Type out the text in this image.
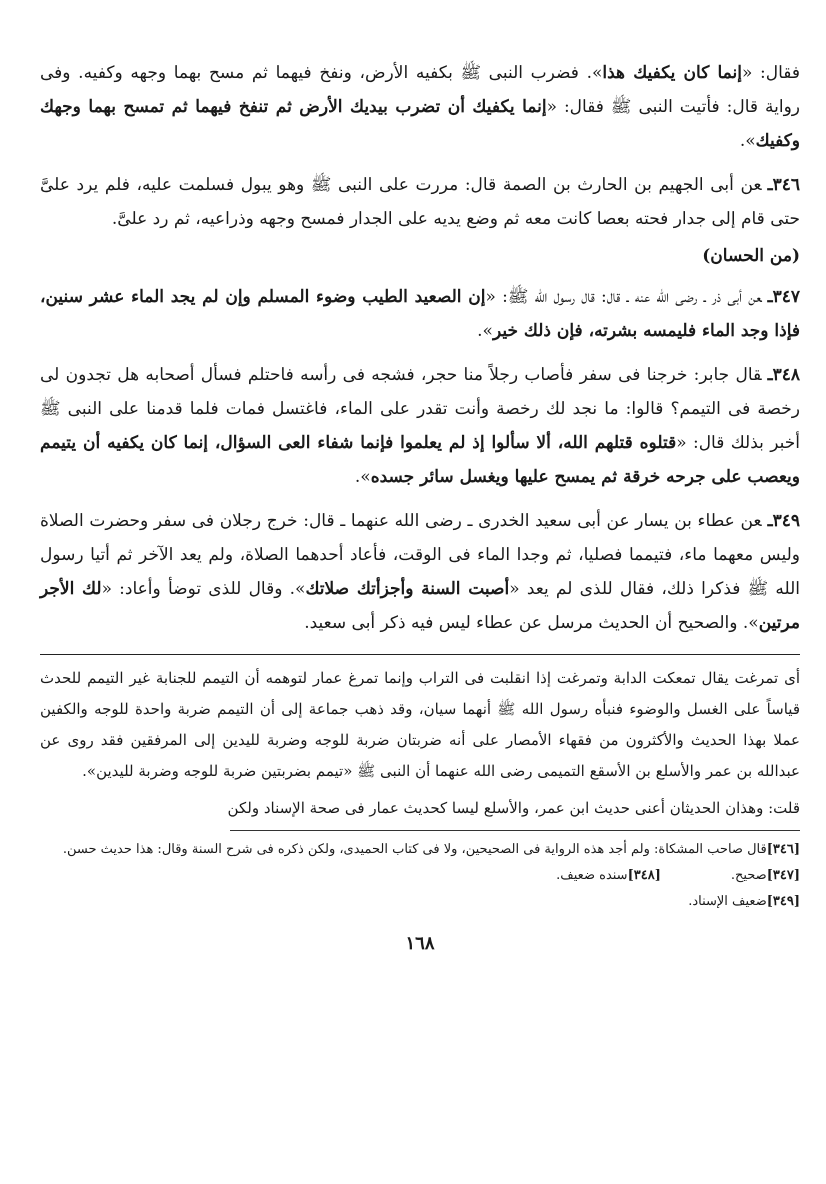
فقال: «إنما كان يكفيك هذا». فضرب النبى ﷺ بكفيه الأرض، ونفخ فيهما ثم مسح بهما وجهه وكفيه. وفى رواية قال: فأتيت النبى ﷺ فقال: «إنما يكفيك أن تضرب بيديك الأرض ثم تنفخ فيهما ثم تمسح بهما وجهك وكفيك».

٣٤٦ـعن أبى الجهيم بن الحارث بن الصمة قال: مررت على النبى ﷺ وهو يبول فسلمت عليه، فلم يرد علىَّ حتى قام إلى جدار فحته بعصا كانت معه ثم وضع يديه على الجدار فمسح وجهه وذراعيه، ثم رد علىَّ.

(من الحسان)

٣٤٧ـعن أبى ذر ـ رضى الله عنه ـ قال: قال رسول الله ﷺ: «إن الصعيد الطيب وضوء المسلم وإن لم يجد الماء عشر سنين، فإذا وجد الماء فليمسه بشرته، فإن ذلك خير».

٣٤٨ـقال جابر: خرجنا فى سفر فأصاب رجلاً منا حجر، فشجه فى رأسه فاحتلم فسأل أصحابه هل تجدون لى رخصة فى التيمم؟ قالوا: ما نجد لك رخصة وأنت تقدر على الماء، فاغتسل فمات فلما قدمنا على النبى ﷺ أخبر بذلك قال: «قتلوه قتلهم الله، ألا سألوا إذ لم يعلموا فإنما شفاء العى السؤال، إنما كان يكفيه أن يتيمم ويعصب على جرحه خرقة ثم يمسح عليها ويغسل سائر جسده».

٣٤٩ـعن عطاء بن يسار عن أبى سعيد الخدرى ـ رضى الله عنهما ـ قال: خرج رجلان فى سفر وحضرت الصلاة وليس معهما ماء، فتيمما فصليا، ثم وجدا الماء فى الوقت، فأعاد أحدهما الصلاة، ولم يعد الآخر ثم أتيا رسول الله ﷺ فذكرا ذلك، فقال للذى لم يعد «أصبت السنة وأجزأتك صلاتك». وقال للذى توضأ وأعاد: «لك الأجر مرتين». والصحيح أن الحديث مرسل عن عطاء ليس فيه ذكر أبى سعيد.

أى تمرغت يقال تمعكت الدابة وتمرغت إذا انقلبت فى التراب وإنما تمرغ عمار لتوهمه أن التيمم للجنابة غير التيمم للحدث قياساً على الغسل والوضوء فنبأه رسول الله ﷺ أنهما سيان، وقد ذهب جماعة إلى أن التيمم ضربة واحدة للوجه والكفين عملا بهذا الحديث والأكثرون من فقهاء الأمصار على أنه ضربتان ضربة للوجه وضربة لليدين إلى المرفقين فقد روى عن عبدالله بن عمر والأسلع بن الأسقع التميمى رضى الله عنهما أن النبى ﷺ «تيمم بضربتين ضربة للوجه وضربة لليدين».

قلت: وهذان الحديثان أعنى حديث ابن عمر، والأسلع ليسا كحديث عمار فى صحة الإسناد ولكن

[٣٤٦]قال صاحب المشكاة: ولم أجد هذه الرواية فى الصحيحين، ولا فى كتاب الحميدى، ولكن ذكره فى شرح السنة وقال: هذا حديث حسن.

[٣٤٧]صحيح.
[٣٤٨]سنده ضعيف.

[٣٤٩]ضعيف الإسناد.

١٦٨
